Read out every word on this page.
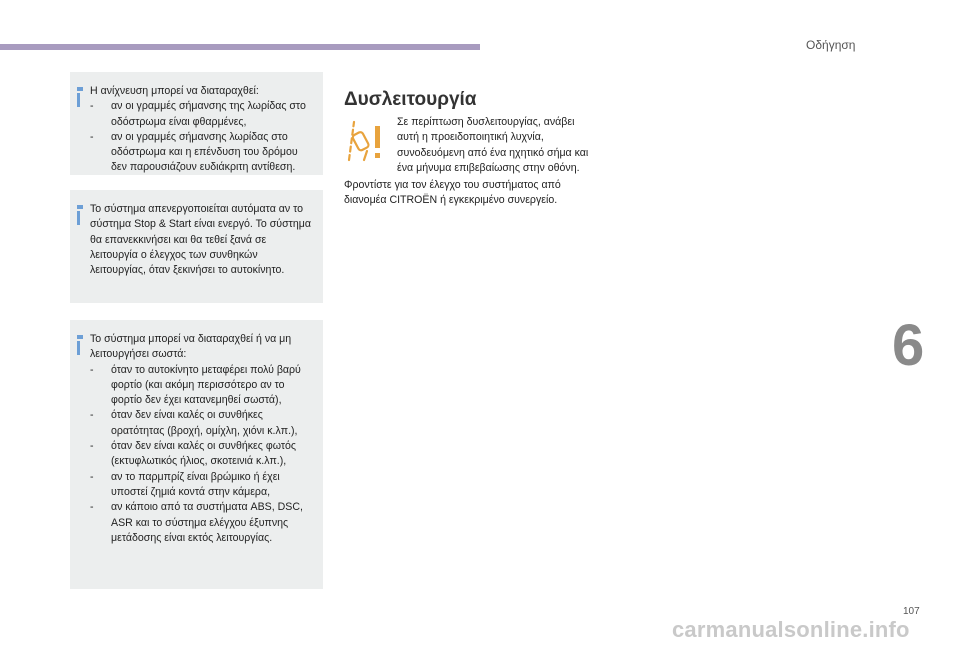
Οδήγηση

Η ανίχνευση μπορεί να διαταραχθεί:

- αν οι γραμμές σήμανσης της λωρίδας στο οδόστρωμα είναι φθαρμένες,
- αν οι γραμμές σήμανσης λωρίδας στο οδόστρωμα και η επένδυση του δρόμου δεν παρουσιάζουν ευδιάκριτη αντίθεση.

Το σύστημα απενεργοποιείται αυτόματα αν το σύστημα Stop & Start είναι ενεργό. Το σύστημα θα επανεκκινήσει και θα τεθεί ξανά σε λειτουργία ο έλεγχος των συνθηκών λειτουργίας, όταν ξεκινήσει το αυτοκίνητο.

Το σύστημα μπορεί να διαταραχθεί ή να μη λειτουργήσει σωστά:

- όταν το αυτοκίνητο μεταφέρει πολύ βαρύ φορτίο (και ακόμη περισσότερο αν το φορτίο δεν έχει κατανεμηθεί σωστά),
- όταν δεν είναι καλές οι συνθήκες ορατότητας (βροχή, ομίχλη, χιόνι κ.λπ.),
- όταν δεν είναι καλές οι συνθήκες φωτός (εκτυφλωτικός ήλιος, σκοτεινιά κ.λπ.),
- αν το παρμπρίζ είναι βρώμικο ή έχει υποστεί ζημιά κοντά στην κάμερα,
- αν κάποιο από τα συστήματα ABS, DSC, ASR και το σύστημα ελέγχου έξυπνης μετάδοσης είναι εκτός λειτουργίας.
Δυσλειτουργία

Σε περίπτωση δυσλειτουργίας, ανάβει αυτή η προειδοποιητική λυχνία, συνοδευόμενη από ένα ηχητικό σήμα και ένα μήνυμα επιβεβαίωσης στην οθόνη.

Φροντίστε για τον έλεγχο του συστήματος από διανομέα CITROËN ή εγκεκριμένο συνεργείο.

6
107
carmanualsonline.info
